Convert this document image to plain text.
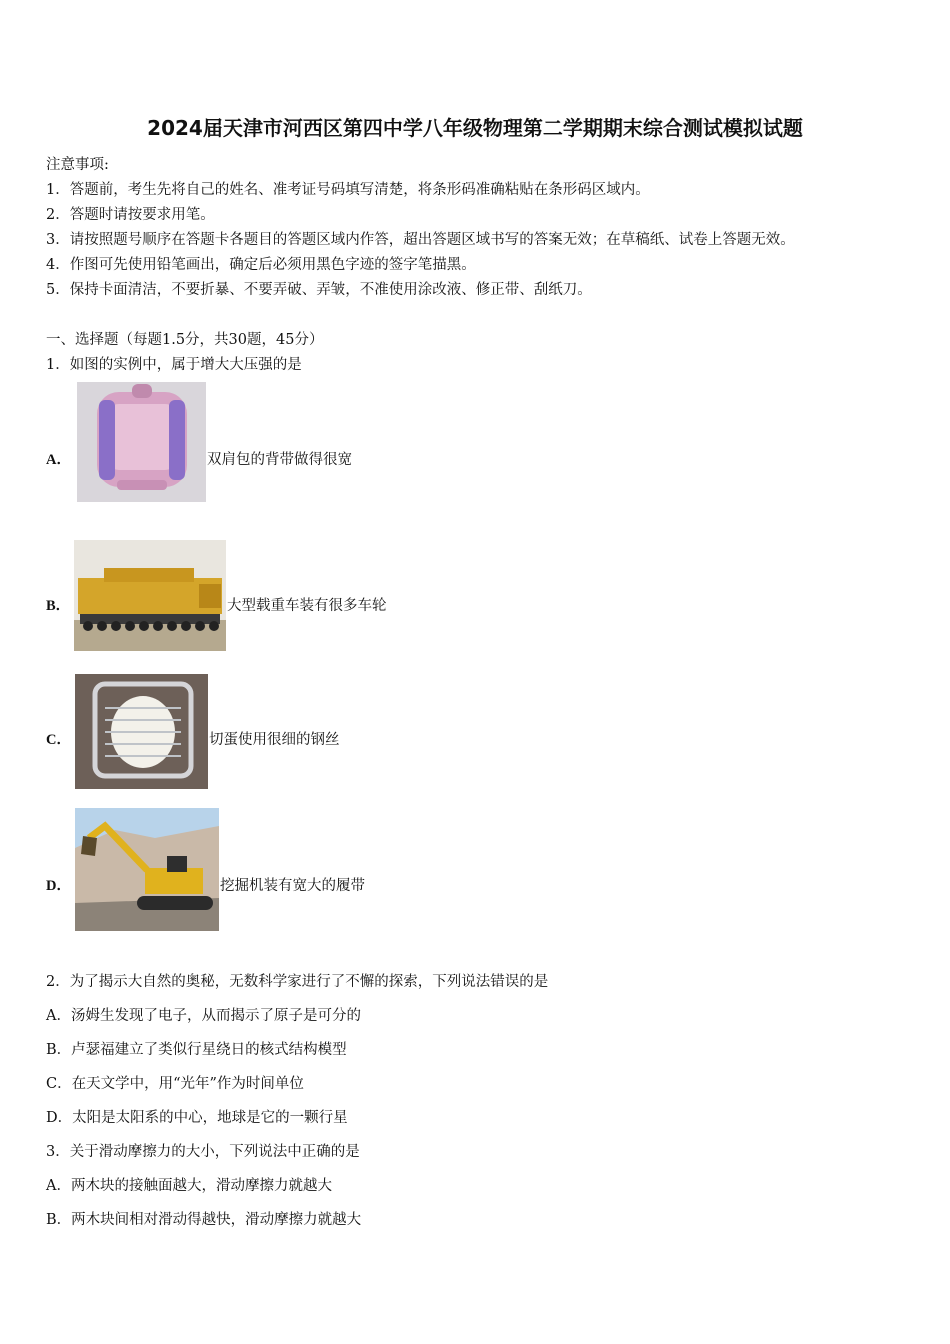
2024届天津市河西区第四中学八年级物理第二学期期末综合测试模拟试题
注意事项:
1．答题前，考生先将自己的姓名、准考证号码填写清楚，将条形码准确粘贴在条形码区域内。
2．答题时请按要求用笔。
3．请按照题号顺序在答题卡各题目的答题区域内作答，超出答题区域书写的答案无效；在草稿纸、试卷上答题无效。
4．作图可先使用铅笔画出，确定后必须用黑色字迹的签字笔描黑。
5．保持卡面清洁，不要折暴、不要弄破、弄皱，不准使用涂改液、修正带、刮纸刀。
一、选择题（每题1.5分，共30题，45分）
1．如图的实例中，属于增大大压强的是
A．	双肩包的背带做得很宽
B．	大型载重车装有很多车轮
C．	切蛋使用很细的钢丝
D．	挖掘机装有宽大的履带
2．为了揭示大自然的奥秘，无数科学家进行了不懈的探索，下列说法错误的是
A．汤姆生发现了电子，从而揭示了原子是可分的
B．卢瑟福建立了类似行星绕日的核式结构模型
C．在天文学中，用“光年”作为时间单位
D．太阳是太阳系的中心，地球是它的一颗行星
3．关于滑动摩擦力的大小，下列说法中正确的是
A．两木块的接触面越大，滑动摩擦力就越大
B．两木块间相对滑动得越快，滑动摩擦力就越大
